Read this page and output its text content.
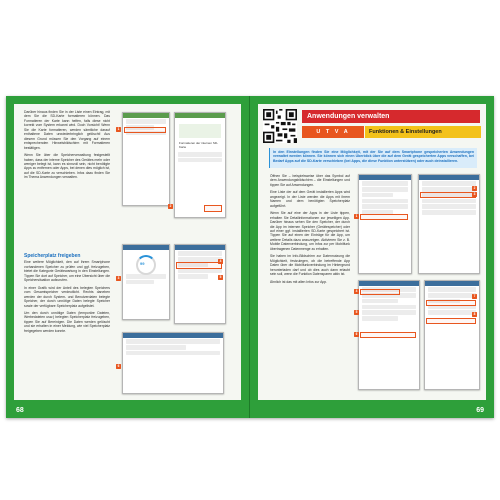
Darüber hinaus finden Sie in der Liste einen Eintrag, mit dem Sie die SD-Karte formatieren können. Das Formatieren der Karte kann helfen, falls diese nicht korrekt vom System erkannt wird. Doch Vorsicht! Wenn Sie die Karte formatieren, werden sämtliche darauf enthaltene Daten unwiederbringlich gelöscht! Aus diesem Grund müssen Sie den Vorgang auf einem entsprechenden Hinweisbildschirm mit Formatieren bestätigen.

Wenn Sie über die Speicherverwaltung festgestellt haben, dass der interne Speicher des Gerätes mehr oder weniger belegt ist, kann es sinnvoll sein, nicht benötigte Apps zu entfernen oder Apps, bei denen dies möglich ist, auf die SD-Karte zu verschieben. Infos dazu finden Sie im Thema Anwendungen verwalten.

Speicherplatz freigeben

Eine weitere Möglichkeit, den auf Ihrem Smartphone vorhandenen Speicher zu prüfen und ggf. freizugeben, bietet die Kategorie Gerätewartung in den Einstellungen. Tippen Sie dort auf Speicher, um eine Übersicht über die Speichersituation aufzurufen.

In einer Grafik wird der Anteil des belegten Speichers vom Gesamtspeicher verdeutlicht. Rechts daneben werden der durch System- und Benutzerdaten belegte Speicher, der durch unnötige Daten belegte Speicher sowie der verfügbare Speicherplatz aufgelistet.

Um den durch unnötige Daten (temporäre Dateien, Werbedateien usw.) belegten Speicherplatz freizugeben, tippen Sie auf Bereinigen. Die Daten werden gelöscht und sie erhalten in einer Meldung, wie viel Speicherplatz freigegeben werden konnte.

1
Formatieren der internen SD-Karte
2
99
3
4
5
6
68
Anwendungen verwalten
U T V A	Funktionen & Einstellungen
In den Einstellungen finden Sie eine Möglichkeit, mit der Sie auf dem Smartphone gespeicherten Anwendungen verwaltet werden können. Sie können sich einen Überblick über die auf dem Gerät gespeicherten Apps verschaffen, bei Bedarf Apps auf die SD-Karte verschieben (bei Apps, die diese Funktion unterstützen) oder auch deinstallieren.

Öffnen Sie – beispielsweise über das Symbol auf dem Anwendungsbildschirm – die Einstellungen und tippen Sie auf Anwendungen.

Eine Liste der auf dem Gerät installierten Apps wird angezeigt. In der Liste werden die Apps mit ihrem Namen und dem benötigten Speicherplatz aufgeführt.

Wenn Sie auf eine der Apps in der Liste tippen, erhalten Sie Detailinformationen zur jeweiligen App. Darüber hinaus sehen Sie den Speicher, der durch die App im internen Speicher (Gerätespeicher) oder auf einer ggf. installierten SD-Karte gespeichert ist. Tippen Sie auf einen der Einträge für die App, um weitere Details dazu anzuzeigen. Aktivieren Sie z. B. Mobile Datenverbindung, um Infos zur per Mobilfunk übertragenen Datenmenge zu erhalten.

Sie haben im Info-Bildschirm zur Datennutzung die Möglichkeit, festzulegen, ob die betreffende App Daten über die Mobilfunkverbindung im Hintergrund herunterladen darf und ob dies auch dann erlaubt sein soll, wenn die Funktion Datensparen aktiv ist.

Ähnlich ist das mit allen Infos zur App.

1
2
3
4
5
6
7
8
69
